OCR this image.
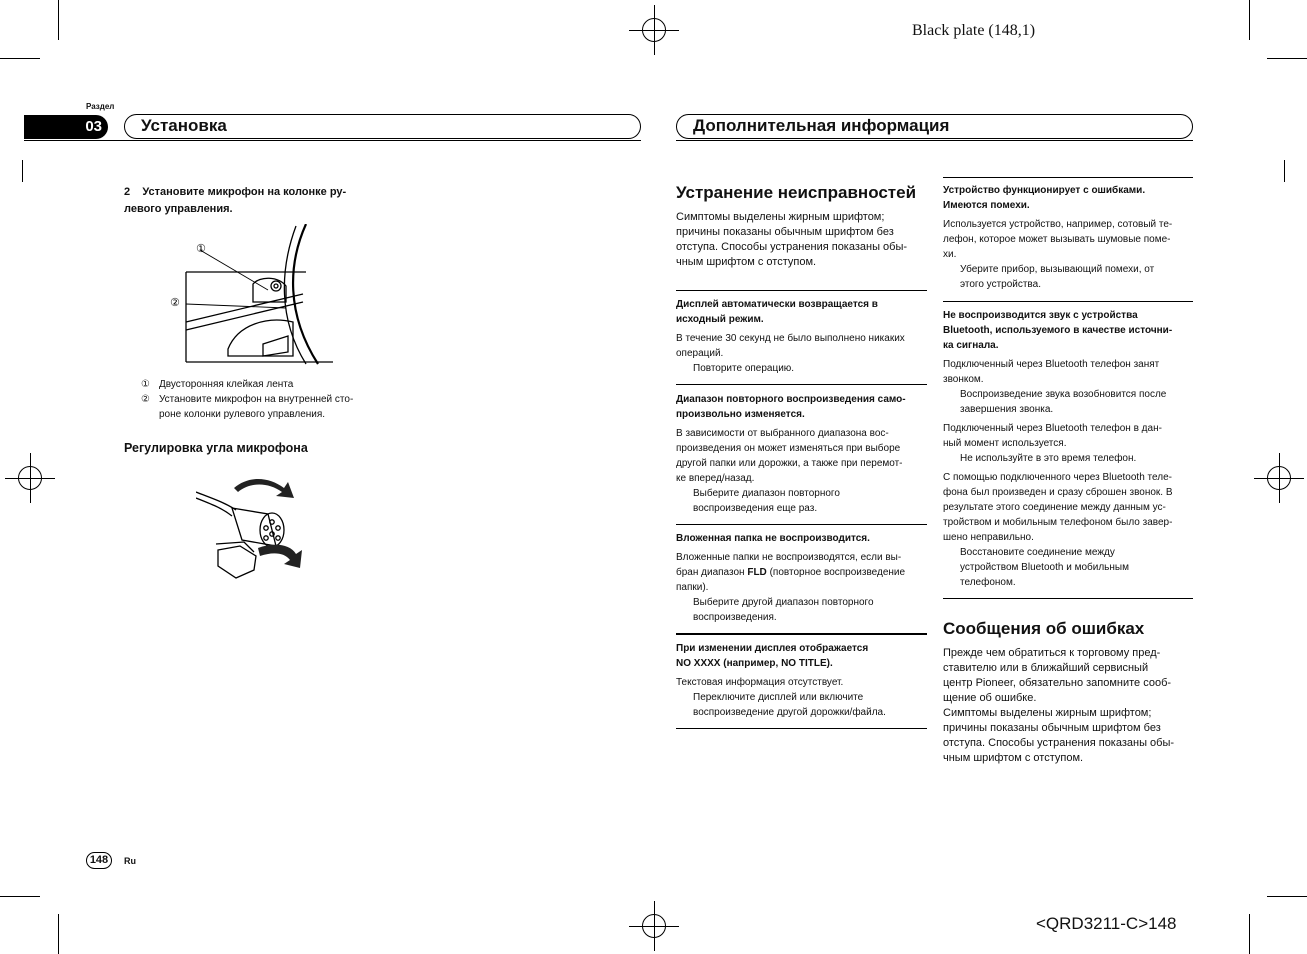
Black plate (148,1)
<QRD3211-C>148
Раздел
03	Установка	Дополнительная информация
2 Установите микрофон на колонке ру-
левого управления.
①
②
① Двусторонняя клейкая лента
② Установите микрофон на внутренней сто-
роне колонки рулевого управления.
Регулировка угла микрофона
Устранение неисправностей
Симптомы выделены жирным шрифтом;
причины показаны обычным шрифтом без
отступа. Способы устранения показаны обы-
чным шрифтом с отступом.
Дисплей автоматически возвращается в
исходный режим.
В течение 30 секунд не было выполнено никаких
операций.
Повторите операцию.
Диапазон повторного воспроизведения само-
произвольно изменяется.
В зависимости от выбранного диапазона вос-
произведения он может изменяться при выборе
другой папки или дорожки, а также при перемот-
ке вперед/назад.
Выберите диапазон повторного
воспроизведения еще раз.
Вложенная папка не воспроизводится.
Вложенные папки не воспроизводятся, если вы-
бран диапазон FLD (повторное воспроизведение
папки).
Выберите другой диапазон повторного
воспроизведения.
При изменении дисплея отображается
NO XXXX (например, NO TITLE).
Текстовая информация отсутствует.
Переключите дисплей или включите
воспроизведение другой дорожки/файла.
Устройство функционирует с ошибками.
Имеются помехи.
Используется устройство, например, сотовый те-
лефон, которое может вызывать шумовые поме-
хи.
Уберите прибор, вызывающий помехи, от
этого устройства.
Не воспроизводится звук с устройства
Bluetooth, используемого в качестве источни-
ка сигнала.
Подключенный через Bluetooth телефон занят
звонком.
Воспроизведение звука возобновится после
завершения звонка.
Подключенный через Bluetooth телефон в дан-
ный момент используется.
Не используйте в это время телефон.
С помощью подключенного через Bluetooth теле-
фона был произведен и сразу сброшен звонок. В
результате этого соединение между данным ус-
тройством и мобильным телефоном было завер-
шено неправильно.
Восстановите соединение между
устройством Bluetooth и мобильным
телефоном.
Сообщения об ошибках
Прежде чем обратиться к торговому пред-
ставителю или в ближайший сервисный
центр Pioneer, обязательно запомните сооб-
щение об ошибке.
Симптомы выделены жирным шрифтом;
причины показаны обычным шрифтом без
отступа. Способы устранения показаны обы-
чным шрифтом с отступом.
148	Ru
